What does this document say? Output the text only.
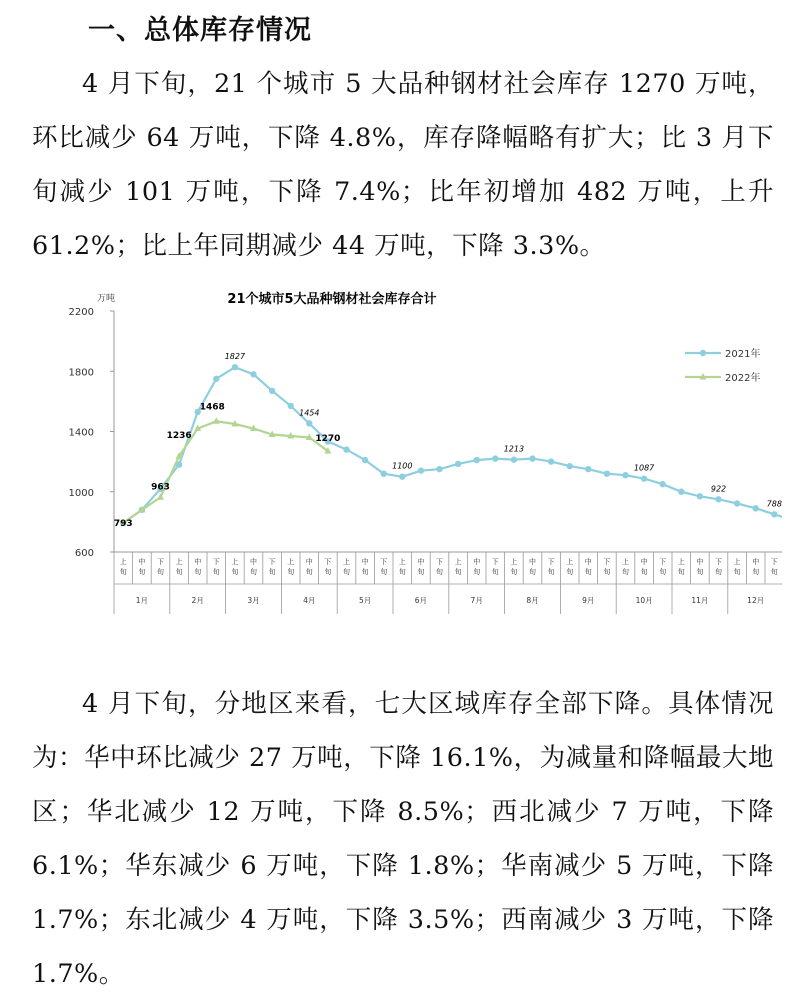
一、总体库存情况

4 月下旬，21 个城市 5 大品种钢材社会库存 1270 万吨，环比减少 64 万吨，下降 4.8%，库存降幅略有扩大；比 3 月下旬减少 101 万吨，下降 7.4%；比年初增加 482 万吨，上升 61.2%；比上年同期减少 44 万吨，下降 3.3%。

21个城市5大品种钢材社会库存合计
万吨
600
1000
1400
1800
2200
上
旬
中
旬
下
旬
上
旬
中
旬
下
旬
上
旬
中
旬
下
旬
上
旬
中
旬
下
旬
上
旬
中
旬
下
旬
上
旬
中
旬
下
旬
上
旬
中
旬
下
旬
上
旬
中
旬
下
旬
上
旬
中
旬
下
旬
上
旬
中
旬
下
旬
上
旬
中
旬
下
旬
上
旬
中
旬
下
旬
1月	2月	3月	4月	5月	6月	7月	8月	9月	10月	11月	12月
1827
1454
1100
1213
1087
922
788
793
963
1236
1468
1270
2021年
2022年

4 月下旬，分地区来看，七大区域库存全部下降。具体情况为：华中环比减少 27 万吨，下降 16.1%，为减量和降幅最大地区；华北减少 12 万吨，下降 8.5%；西北减少 7 万吨，下降 6.1%；华东减少 6 万吨，下降 1.8%；华南减少 5 万吨，下降 1.7%；东北减少 4 万吨，下降 3.5%；西南减少 3 万吨，下降 1.7%。
